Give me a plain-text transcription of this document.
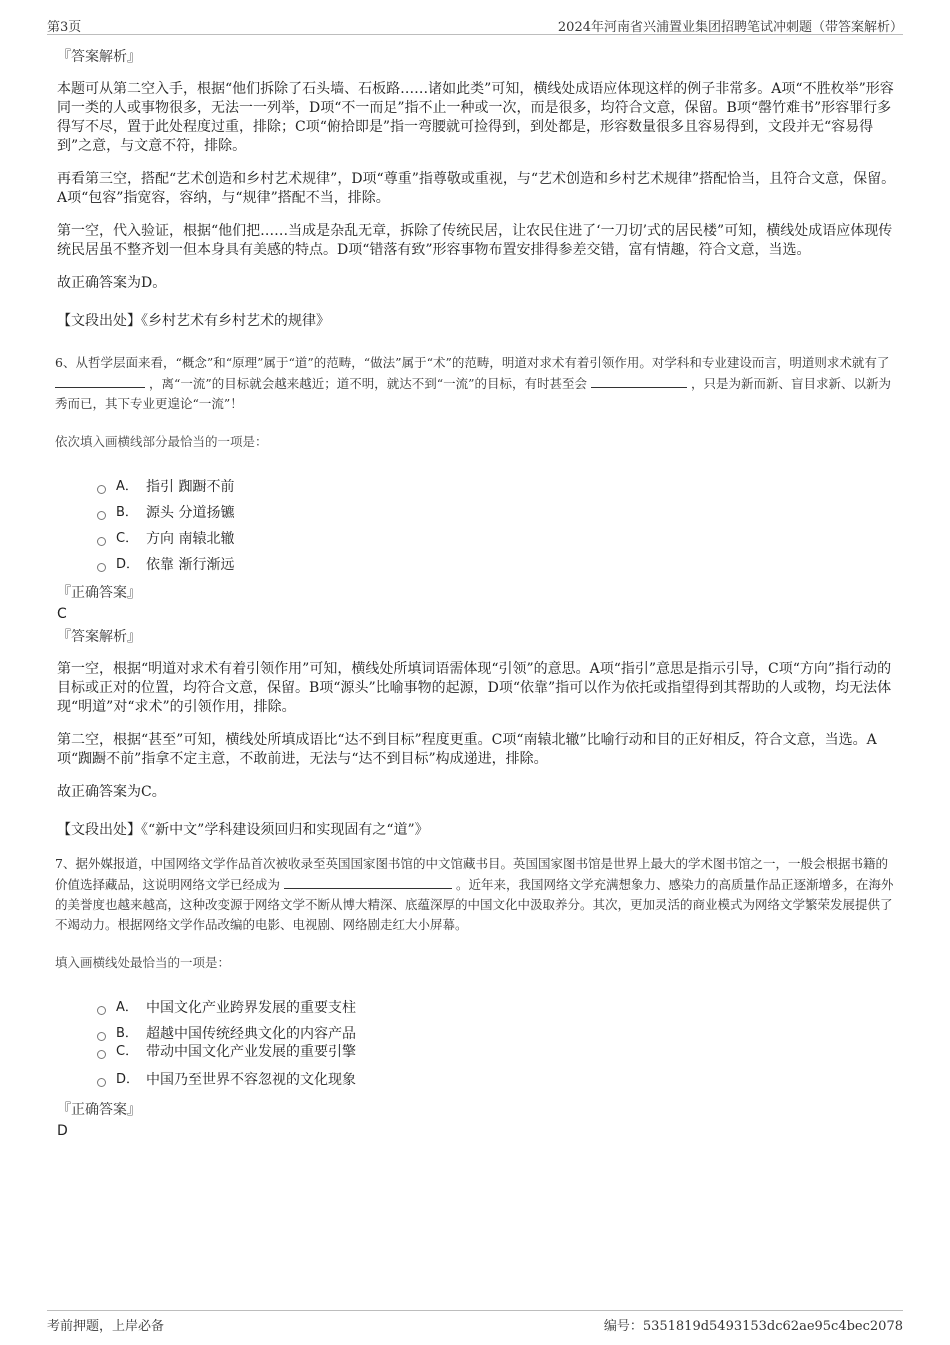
第3页	2024年河南省兴浦置业集团招聘笔试冲刺题（带答案解析）
『答案解析』

本题可从第二空入手，根据“他们拆除了石头墙、石板路……诸如此类”可知，横线处成语应体现这样的例子非常多。A项“不胜枚举”形容同一类的人或事物很多，无法一一列举，D项“不一而足”指不止一种或一次，而是很多，均符合文意，保留。B项“罄竹难书”形容罪行多得写不尽，置于此处程度过重，排除；C项“俯拾即是”指一弯腰就可捡得到，到处都是，形容数量很多且容易得到，文段并无“容易得到”之意，与文意不符，排除。

再看第三空，搭配“艺术创造和乡村艺术规律”，D项“尊重”指尊敬或重视，与“艺术创造和乡村艺术规律”搭配恰当，且符合文意，保留。A项“包容”指宽容，容纳，与“规律”搭配不当，排除。

第一空，代入验证，根据“他们把……当成是杂乱无章，拆除了传统民居，让农民住进了‘一刀切’式的居民楼”可知，横线处成语应体现传统民居虽不整齐划一但本身具有美感的特点。D项“错落有致”形容事物布置安排得参差交错，富有情趣，符合文意，当选。

故正确答案为D。

【文段出处】《乡村艺术有乡村艺术的规律》

6、从哲学层面来看，“概念”和“原理”属于“道”的范畴，“做法”属于“术”的范畴，明道对求术有着引领作用。对学科和专业建设而言，明道则求术就有了  ，离“一流”的目标就会越来越近；道不明，就达不到“一流”的目标，有时甚至会	，只是为新而新、盲目求新、以新为秀而已，其下专业更遑论“一流”！

依次填入画横线部分最恰当的一项是：

A． 指引 踟蹰不前
B． 源头 分道扬镳
C． 方向 南辕北辙
D． 依靠 渐行渐远
『正确答案』
C
『答案解析』

第一空，根据“明道对求术有着引领作用”可知，横线处所填词语需体现“引领”的意思。A项“指引”意思是指示引导，C项“方向”指行动的目标或正对的位置，均符合文意，保留。B项“源头”比喻事物的起源，D项“依靠”指可以作为依托或指望得到其帮助的人或物，均无法体现“明道”对“求术”的引领作用，排除。

第二空，根据“甚至”可知，横线处所填成语比“达不到目标”程度更重。C项“南辕北辙”比喻行动和目的正好相反，符合文意，当选。A项“踟蹰不前”指拿不定主意，不敢前进，无法与“达不到目标”构成递进，排除。

故正确答案为C。

【文段出处】《“新中文”学科建设须回归和实现固有之“道”》

7、据外媒报道，中国网络文学作品首次被收录至英国国家图书馆的中文馆藏书目。英国国家图书馆是世界上最大的学术图书馆之一，一般会根据书籍的价值选择藏品，这说明网络文学已经成为	。近年来，我国网络文学充满想象力、感染力的高质量作品正逐渐增多，在海外的美誉度也越来越高，这种改变源于网络文学不断从博大精深、底蕴深厚的中国文化中汲取养分。其次，更加灵活的商业模式为网络文学繁荣发展提供了不竭动力。根据网络文学作品改编的电影、电视剧、网络剧走红大小屏幕。

填入画横线处最恰当的一项是：

A． 中国文化产业跨界发展的重要支柱
B． 超越中国传统经典文化的内容产品
C． 带动中国文化产业发展的重要引擎
D． 中国乃至世界不容忽视的文化现象
『正确答案』
D
考前押题，上岸必备	编号：5351819d5493153dc62ae95c4bec2078
